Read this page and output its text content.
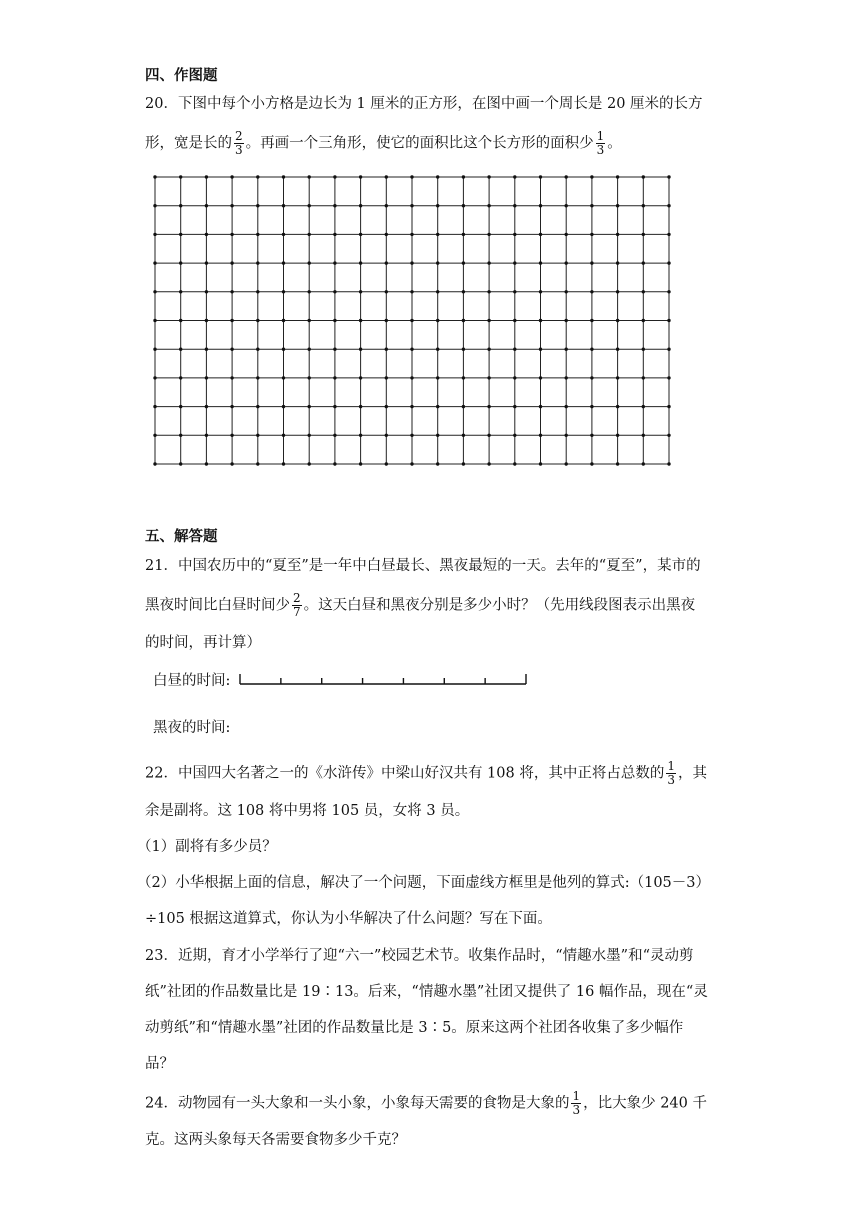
四、作图题
20．下图中每个小方格是边长为 1 厘米的正方形，在图中画一个周长是 20 厘米的长方
形，宽是长的 $\frac{2}{3}$ 。再画一个三角形，使它的面积比这个长方形的面积少 $\frac{1}{3}$ 。
五、解答题
21．中国农历中的“夏至”是一年中白昼最长、黑夜最短的一天。去年的“夏至”，某市的
黑夜时间比白昼时间少 $\frac{2}{7}$ 。这天白昼和黑夜分别是多少小时？（先用线段图表示出黑夜
的时间，再计算）
白昼的时间:
黑夜的时间:
22．中国四大名著之一的《水浒传》中梁山好汉共有 108 将，其中正将占总数的 $\frac{1}{3}$ ，其
余是副将。这 108 将中男将 105 员，女将 3 员。
（1）副将有多少员？
（2）小华根据上面的信息，解决了一个问题，下面虚线方框里是他列的算式:（105－3）
÷105 根据这道算式，你认为小华解决了什么问题？写在下面。
23．近期，育才小学举行了迎“六一”校园艺术节。收集作品时，“情趣水墨”和“灵动剪
纸”社团的作品数量比是 19∶13。后来，“情趣水墨”社团又提供了 16 幅作品，现在“灵
动剪纸”和“情趣水墨”社团的作品数量比是 3∶5。原来这两个社团各收集了多少幅作
品？
24．动物园有一头大象和一头小象，小象每天需要的食物是大象的 $\frac{1}{3}$ ，比大象少 240 千
克。这两头象每天各需要食物多少千克？
